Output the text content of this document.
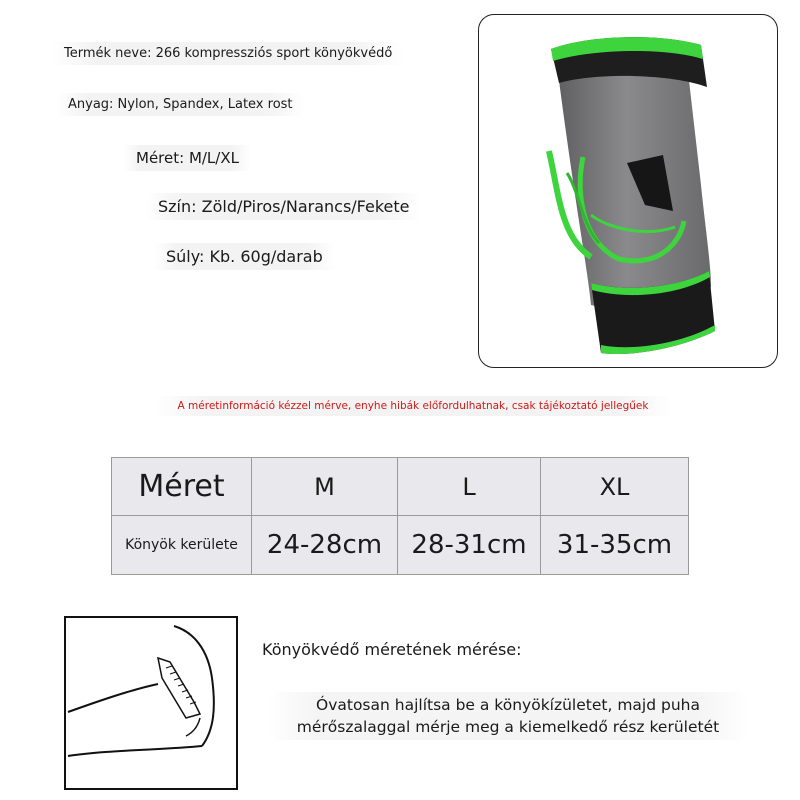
Termék neve: 266 kompressziós sport könyökvédő
Anyag: Nylon, Spandex, Latex rost
Méret: M/L/XL
Szín: Zöld/Piros/Narancs/Fekete
Súly: Kb. 60g/darab
A méretinformáció kézzel mérve, enyhe hibák előfordulhatnak, csak tájékoztató jellegűek
Méret	M	L	XL
Könyök kerülete	24-28cm	28-31cm	31-35cm
Könyökvédő méretének mérése:
Óvatosan hajlítsa be a könyökízületet, majd puha mérőszalaggal mérje meg a kiemelkedő rész kerületét
